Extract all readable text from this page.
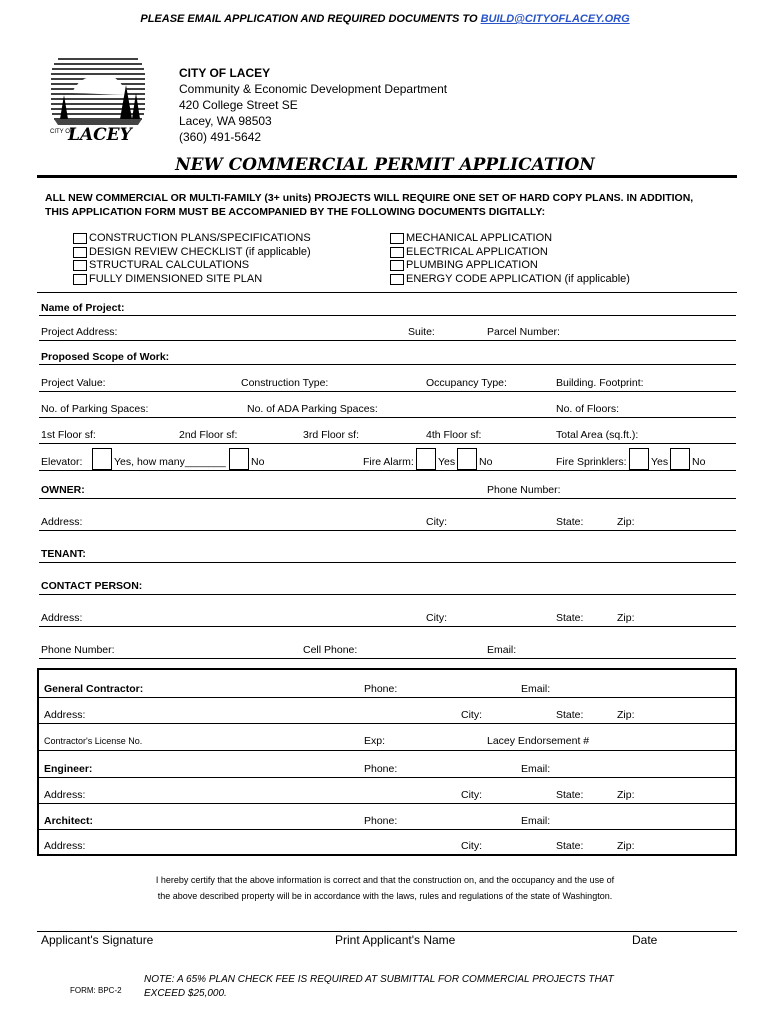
PLEASE EMAIL APPLICATION AND REQUIRED DOCUMENTS TO BUILD@CITYOFLACEY.ORG
CITY OF
LACEY
CITY OF LACEY
Community & Economic Development Department
420 College Street SE
Lacey, WA 98503
(360) 491-5642
NEW COMMERCIAL PERMIT APPLICATION
ALL NEW COMMERCIAL OR MULTI-FAMILY (3+ units) PROJECTS WILL REQUIRE ONE SET OF HARD COPY PLANS. IN ADDITION,
THIS APPLICATION FORM MUST BE ACCOMPANIED BY THE FOLLOWING DOCUMENTS DIGITALLY:
CONSTRUCTION PLANS/SPECIFICATIONS
DESIGN REVIEW CHECKLIST (if applicable)
STRUCTURAL CALCULATIONS
FULLY DIMENSIONED SITE PLAN
MECHANICAL APPLICATION
ELECTRICAL APPLICATION
PLUMBING APPLICATION
ENERGY CODE APPLICATION (if applicable)
Name of Project:
Project Address:	Suite:	Parcel Number:
Proposed Scope of Work:
Project Value:	Construction Type:	Occupancy Type:	Building. Footprint:
No. of Parking Spaces:	No. of ADA Parking Spaces:	No. of Floors:
1st Floor sf:	2nd Floor sf:	3rd Floor sf:	4th Floor sf:	Total Area (sq.ft.):
Elevator:	Yes, how many_______ No	Fire Alarm: Yes No	Fire Sprinklers: Yes No
OWNER:	Phone Number:
Address:	City:	State:	Zip:
TENANT:
CONTACT PERSON:
Address:	City:	State:	Zip:
Phone Number:	Cell Phone:	Email:
General Contractor:	Phone:	Email:
Address:	City:	State:	Zip:
Contractor's License No.	Exp:	Lacey Endorsement #
Engineer:	Phone:	Email:
Address:	City:	State:	Zip:
Architect:	Phone:	Email:
Address:	City:	State:	Zip:
I hereby certify that the above information is correct and that the construction on, and the occupancy and the use of
the above described property will be in accordance with the laws, rules and regulations of the state of Washington.
Applicant's Signature	Print Applicant's Name	Date
FORM: BPC-2
NOTE: A 65% PLAN CHECK FEE IS REQUIRED AT SUBMITTAL FOR COMMERCIAL PROJECTS THAT
EXCEED $25,000.
